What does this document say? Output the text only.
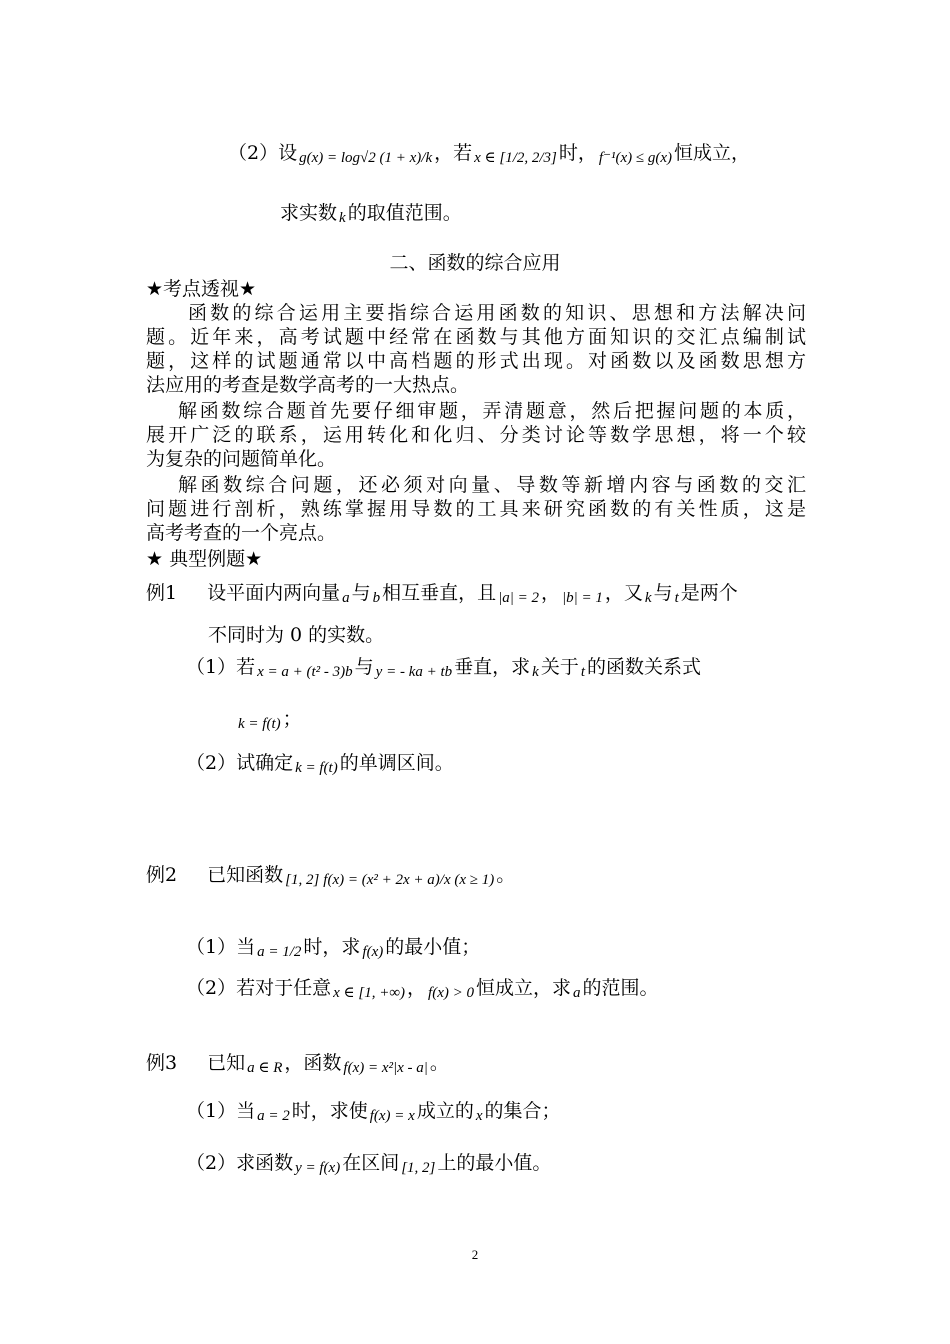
（2）设 g(x) = log√2 (1 + x)/k ，若 x ∈ [1/2, 2/3] 时， f⁻¹(x) ≤ g(x) 恒成立，
求实数 k 的取值范围。
二、函数的综合应用
★考点透视★
函数的综合运用主要指综合运用函数的知识、思想和方法解决问
题。近年来，高考试题中经常在函数与其他方面知识的交汇点编制试
题，这样的试题通常以中高档题的形式出现。对函数以及函数思想方
法应用的考查是数学高考的一大热点。
解函数综合题首先要仔细审题，弄清题意，然后把握问题的本质，
展开广泛的联系，运用转化和化归、分类讨论等数学思想，将一个较
为复杂的问题简单化。
解函数综合问题，还必须对向量、导数等新增内容与函数的交汇
问题进行剖析，熟练掌握用导数的工具来研究函数的有关性质，这是
高考考查的一个亮点。
★ 典型例题★
例1 设平面内两向量 a 与 b 相互垂直，且 |a| = 2 ， |b| = 1 ，又 k 与 t 是两个
不同时为 0 的实数。
（1）若 x = a + (t² - 3)b 与 y = - ka + tb 垂直，求 k 关于 t 的函数关系式
k = f(t) ；
（2）试确定 k = f(t) 的单调区间。
例2 已知函数 [1, 2] f(x) = (x² + 2x + a)/x (x ≥ 1) 。
（1）当 a = 1/2 时，求 f(x) 的最小值；
（2）若对于任意 x ∈ [1, +∞) ， f(x) > 0 恒成立，求 a 的范围。
例3 已知 a ∈ R ，函数 f(x) = x²|x - a| 。
（1）当 a = 2 时，求使 f(x) = x 成立的 x 的集合；
（2）求函数 y = f(x) 在区间 [1, 2] 上的最小值。
2
